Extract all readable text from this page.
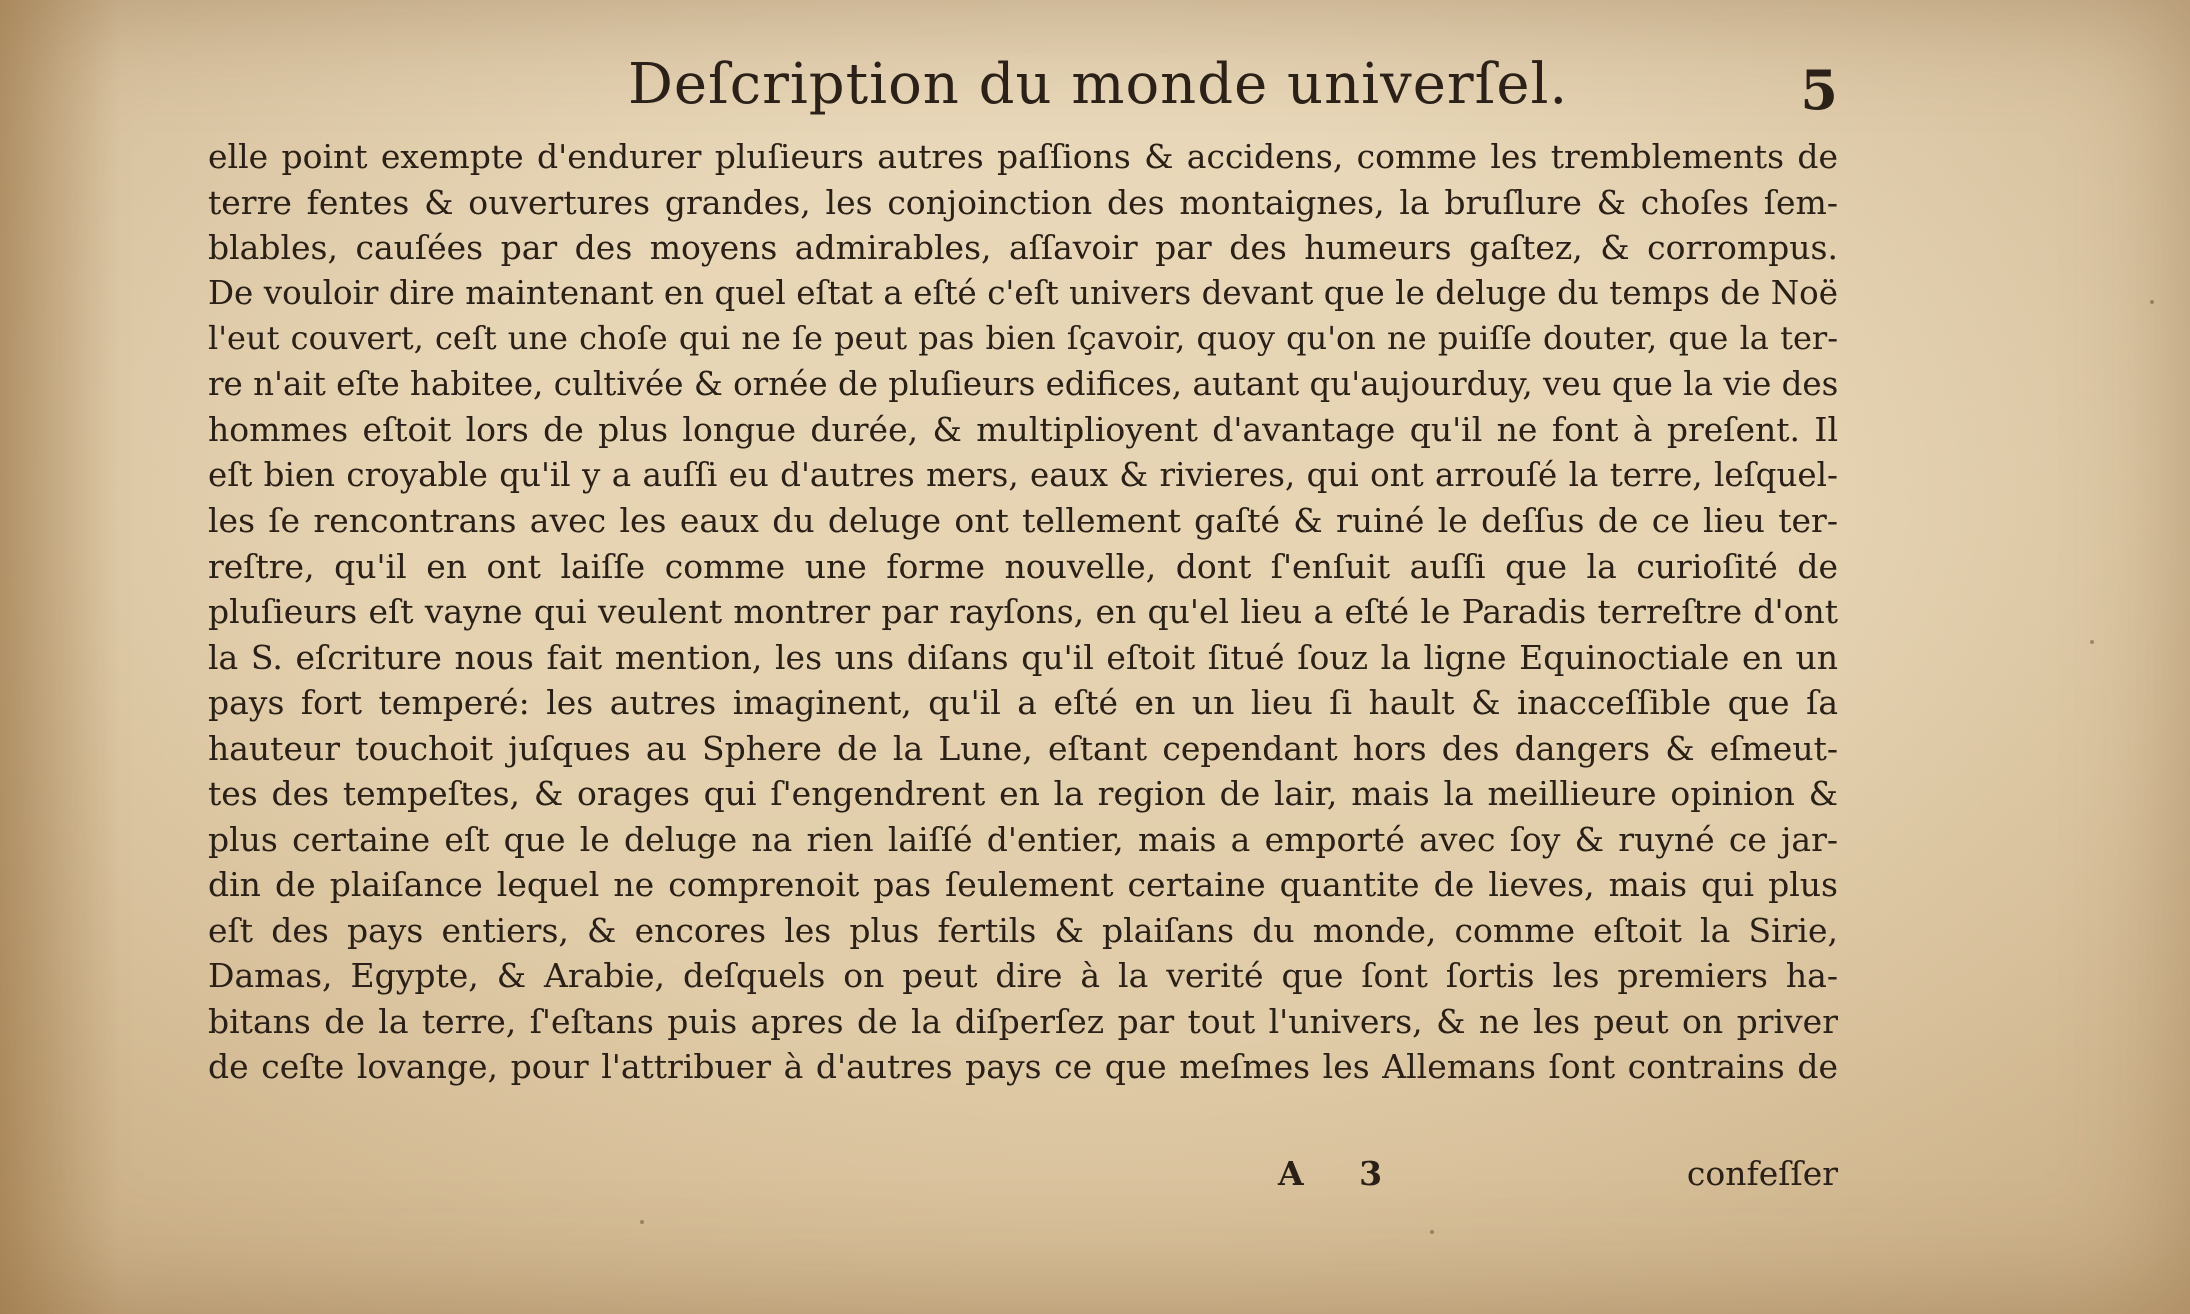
Deſcription du monde univerſel.	5
elle point exempte d'endurer pluſieurs autres paſſions & accidens, comme les tremblements de
terre fentes & ouvertures grandes, les conjoinction des montaignes, la bruſlure & choſes ſem-
blables, cauſées par des moyens admirables, aſſavoir par des humeurs gaſtez, & corrompus.
De vouloir dire maintenant en quel eſtat a eſté c'eſt univers devant que le deluge du temps de Noë
l'eut couvert, ceſt une choſe qui ne ſe peut pas bien ſçavoir, quoy qu'on ne puiſſe douter, que la ter-
re n'ait eſte habitee, cultivée & ornée de pluſieurs edifices, autant qu'aujourduy, veu que la vie des
hommes eſtoit lors de plus longue durée, & multiplioyent d'avantage qu'il ne font à preſent. Il
eſt bien croyable qu'il y a auſſi eu d'autres mers, eaux & rivieres, qui ont arrouſé la terre, leſquel-
les ſe rencontrans avec les eaux du deluge ont tellement gaſté & ruiné le deſſus de ce lieu ter-
reſtre, qu'il en ont laiſſe comme une forme nouvelle, dont ſ'enſuit auſſi que la curioſité de
pluſieurs eſt vayne qui veulent montrer par rayſons, en qu'el lieu a eſté le Paradis terreſtre d'ont
la S. eſcriture nous fait mention, les uns diſans qu'il eſtoit ſitué ſouz la ligne Equinoctiale en un
pays fort temperé: les autres imaginent, qu'il a eſté en un lieu ſi hault & inacceſſible que ſa
hauteur touchoit juſques au Sphere de la Lune, eſtant cependant hors des dangers & eſmeut-
tes des tempeſtes, & orages qui ſ'engendrent en la region de lair, mais la meillieure opinion &
plus certaine eſt que le deluge na rien laiſſé d'entier, mais a emporté avec ſoy & ruyné ce jar-
din de plaiſance lequel ne comprenoit pas ſeulement certaine quantite de lieves, mais qui plus
eſt des pays entiers, & encores les plus fertils & plaiſans du monde, comme eſtoit la Sirie,
Damas, Egypte, & Arabie, deſquels on peut dire à la verité que ſont ſortis les premiers ha-
bitans de la terre, ſ'eſtans puis apres de la diſperſez par tout l'univers, & ne les peut on priver
de ceſte lovange, pour l'attribuer à d'autres pays ce que meſmes les Allemans ſont contrains de
A 3	confeſſer
